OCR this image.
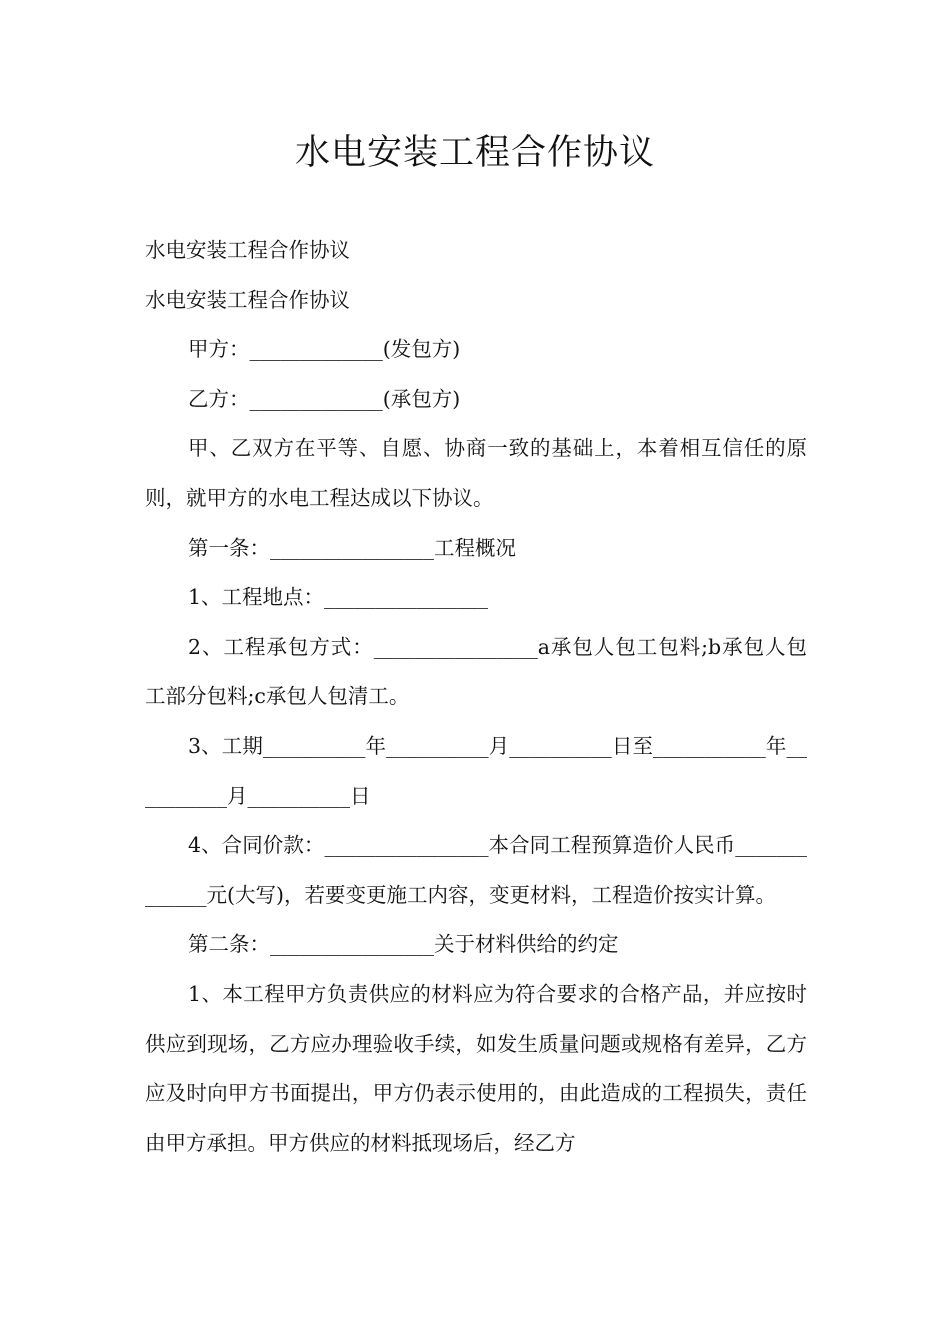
水电安装工程合作协议

水电安装工程合作协议

水电安装工程合作协议

甲方：_____________(发包方)

乙方：_____________(承包方)

甲、乙双方在平等、自愿、协商一致的基础上，本着相互信任的原则，就甲方的水电工程达成以下协议。

第一条：________________工程概况

1、工程地点：________________

2、工程承包方式：________________a承包人包工包料;b承包人包工部分包料;c承包人包清工。

3、工期__________年__________月__________日至___________年__________月__________日

4、合同价款：________________本合同工程预算造价人民币_____________元(大写)，若要变更施工内容，变更材料，工程造价按实计算。

第二条：________________关于材料供给的约定

1、本工程甲方负责供应的材料应为符合要求的合格产品，并应按时供应到现场，乙方应办理验收手续，如发生质量问题或规格有差异，乙方应及时向甲方书面提出，甲方仍表示使用的，由此造成的工程损失，责任由甲方承担。甲方供应的材料抵现场后，经乙方
